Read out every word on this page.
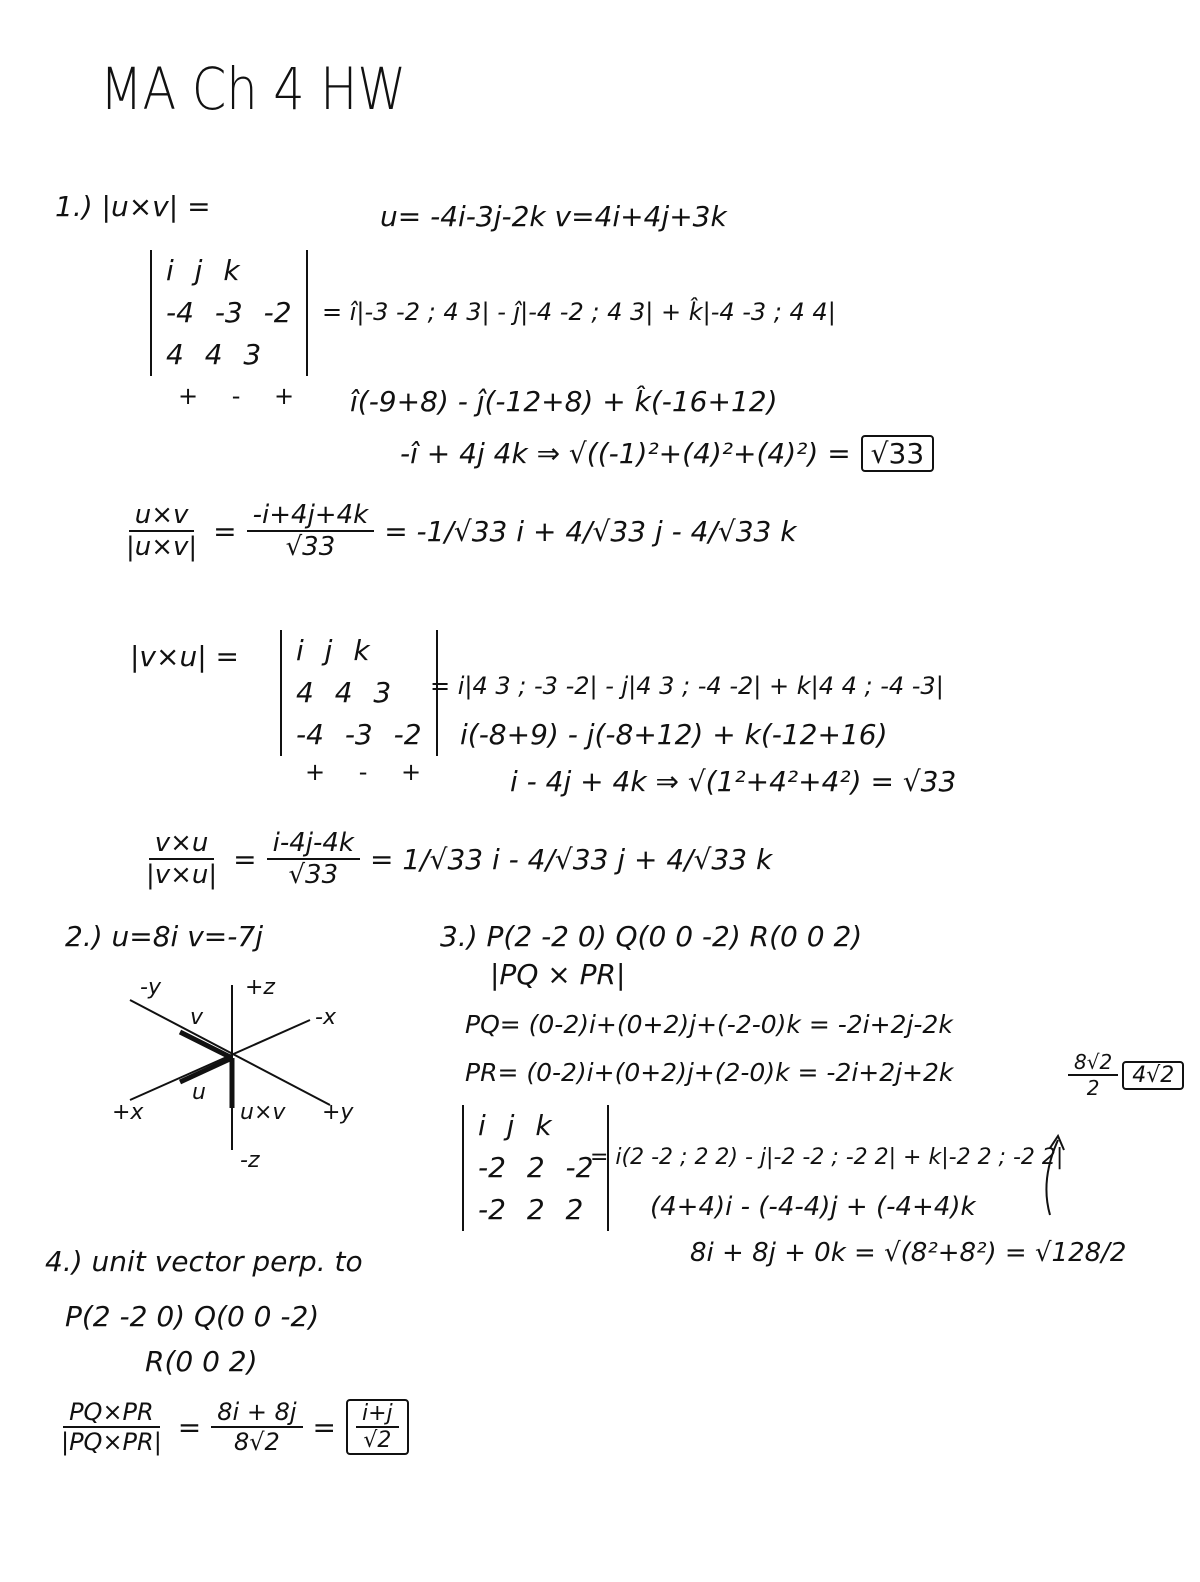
MA Ch 4 HW
1.) |u×v| =	u= -4i-3j-2k v=4i+4j+3k
i j k
-4 -3 -2
4 4 3
+ - +
= î|-3 -2 ; 4 3| - ĵ|-4 -2 ; 4 3| + k̂|-4 -3 ; 4 4|
î(-9+8) - ĵ(-12+8) + k̂(-16+12)
-î + 4j 4k ⇒ √((-1)²+(4)²+(4)²) = √33
$\frac{u\times v}{|u\times v|} = \frac{-i+4j+4k}{√33} = -1/√33$ i + 4/√33 j - 4/√33 k
|v×u| = i j k
4 4 3
-4 -3 -2
+ - +
= i|4 3 ; -3 -2| - j|4 3 ; -4 -2| + k|4 4 ; -4 -3|
i(-8+9) - j(-8+12) + k(-12+16)
i - 4j + 4k ⇒ √(1²+4²+4²) = √33
$\frac{v\times u}{|v\times u|} = \frac{i-4j-4k}{√33} = 1/√33$ i - 4/√33 j + 4/√33 k
2.) u=8i v=-7j
-y	+z
-x
v
u
u×v +y
+x
-z
3.) P(2 -2 0) Q(0 0 -2) R(0 0 2)
|PQ × PR|
PQ= (0-2)i+(0+2)j+(-2-0)k = -2i+2j-2k
PR= (0-2)i+(0+2)j+(2-0)k = -2i+2j+2k
i j k
-2 2 -2
-2 2 2
= i(2 -2 ; 2 2) - j|-2 -2 ; -2 2| + k|-2 2 ; -2 2|
(4+4)i - (-4-4)j + (-4+4)k
8i + 8j + 0k = √(8²+8²) = √128/2
$\frac{8√2}{2} 4√2$
4.) unit vector perp. to
P(2 -2 0) Q(0 0 -2)
R(0 0 2)
$\frac{PQ\times PR}{|PQ\times PR|} = \frac{8i + 8j}{8√2} = \frac{i+j}{√2}$
